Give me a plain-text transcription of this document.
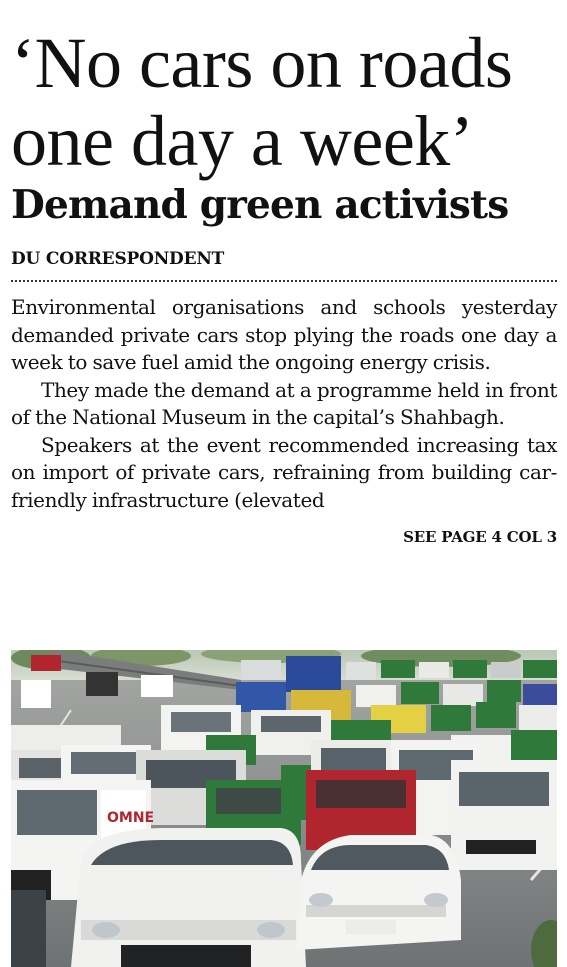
‘No cars on roads
one day a week’
Demand green activists
DU CORRESPONDENT

Environmental organisations and schools yesterday demanded private cars stop plying the roads one day a week to save fuel amid the ongoing energy crisis.

They made the demand at a programme held in front of the National Museum in the capital’s Shahbagh.

Speakers at the event recommended increasing tax on import of private cars, refraining from building car-friendly infrastructure (elevated

SEE PAGE 4 COL 3
OMNE
